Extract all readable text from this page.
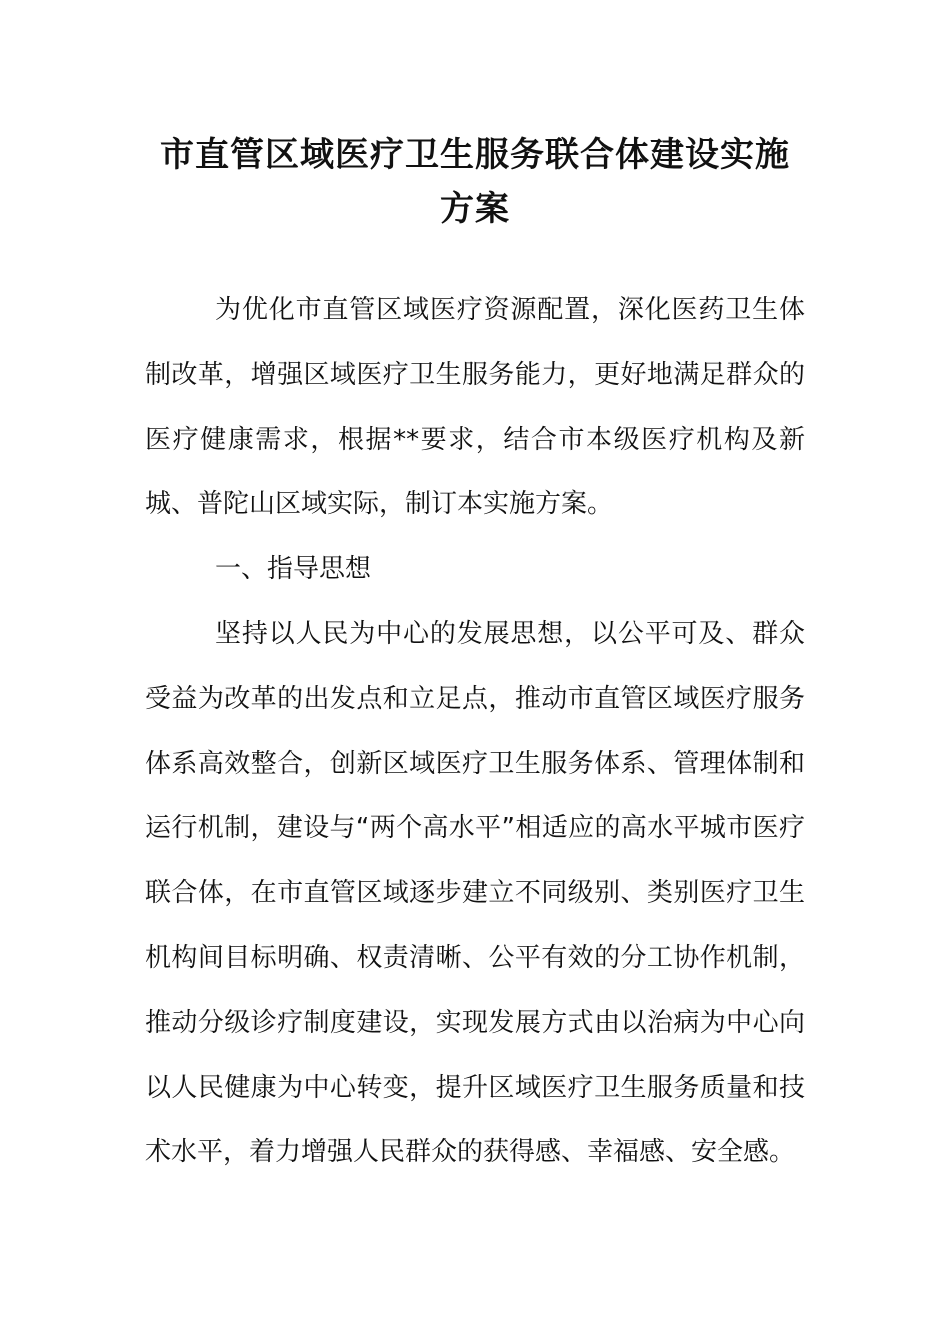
市直管区域医疗卫生服务联合体建设实施方案

为优化市直管区域医疗资源配置，深化医药卫生体制改革，增强区域医疗卫生服务能力，更好地满足群众的医疗健康需求，根据**要求，结合市本级医疗机构及新城、普陀山区域实际，制订本实施方案。

一、指导思想

坚持以人民为中心的发展思想，以公平可及、群众受益为改革的出发点和立足点，推动市直管区域医疗服务体系高效整合，创新区域医疗卫生服务体系、管理体制和运行机制，建设与“两个高水平”相适应的高水平城市医疗联合体，在市直管区域逐步建立不同级别、类别医疗卫生机构间目标明确、权责清晰、公平有效的分工协作机制，推动分级诊疗制度建设，实现发展方式由以治病为中心向以人民健康为中心转变，提升区域医疗卫生服务质量和技术水平，着力增强人民群众的获得感、幸福感、安全感。
